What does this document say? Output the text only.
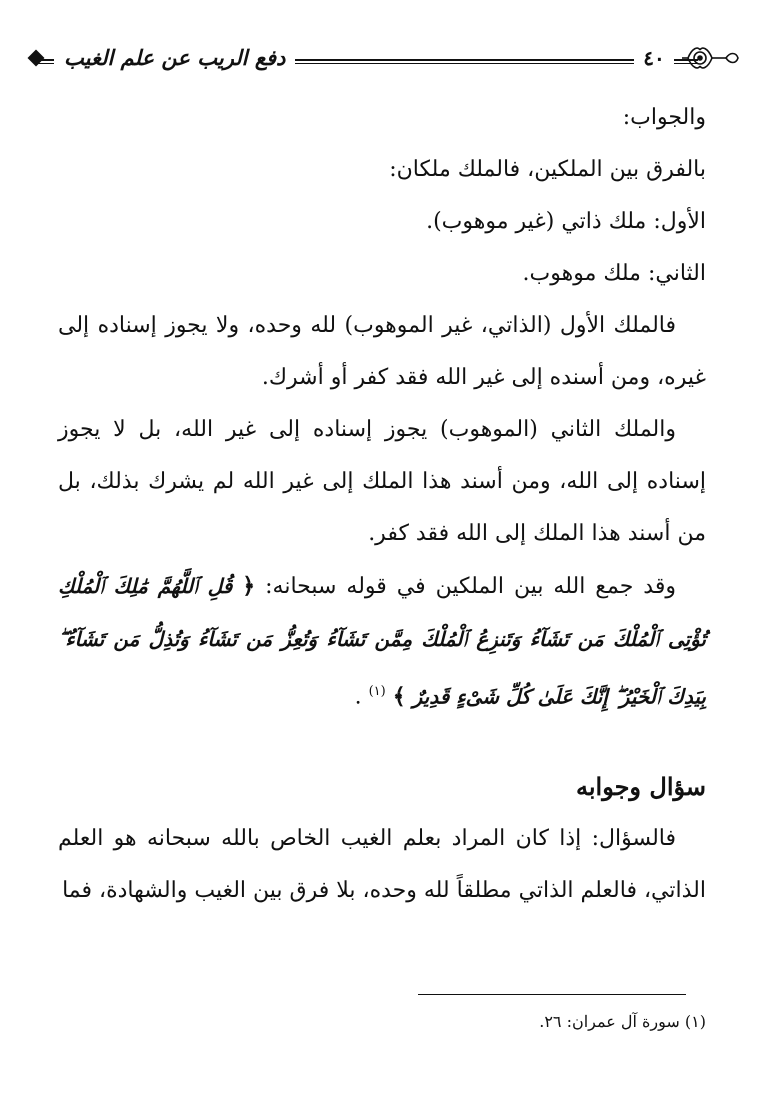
دفع الريب عن علم الغيب	٤٠

والجواب:

بالفرق بين الملكين، فالملك ملكان:

الأول: ملك ذاتي (غير موهوب).

الثاني: ملك موهوب.

فالملك الأول (الذاتي، غير الموهوب) لله وحده، ولا يجوز إسناده إلى غيره، ومن أسنده إلى غير الله فقد كفر أو أشرك.

والملك الثاني (الموهوب) يجوز إسناده إلى غير الله، بل لا يجوز إسناده إلى الله، ومن أسند هذا الملك إلى غير الله لم يشرك بذلك، بل من أسند هذا الملك إلى الله فقد كفر.

وقد جمع الله بين الملكين في قوله سبحانه: ﴿ قُلِ ٱللَّهُمَّ مَٰلِكَ ٱلْمُلْكِ تُؤْتِى ٱلْمُلْكَ مَن تَشَآءُ وَتَنزِعُ ٱلْمُلْكَ مِمَّن تَشَآءُ وَتُعِزُّ مَن تَشَآءُ وَتُذِلُّ مَن تَشَآءُ ۖ بِيَدِكَ ٱلْخَيْرُ ۖ إِنَّكَ عَلَىٰ كُلِّ شَىْءٍ قَدِيرٌ ﴾ $^{(١)}$ .

سؤال وجوابه

فالسؤال: إذا كان المراد بعلم الغيب الخاص بالله سبحانه هو العلم الذاتي، فالعلم الذاتي مطلقاً لله وحده، بلا فرق بين الغيب والشهادة، فما

(١) سورة آل عمران: ٢٦.
